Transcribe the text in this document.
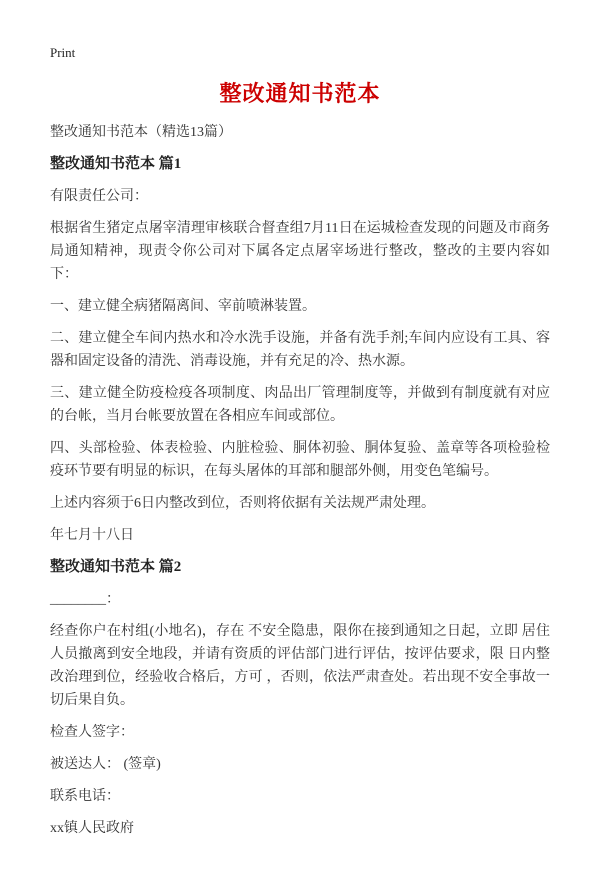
Print

整改通知书范本

整改通知书范本（精选13篇）

整改通知书范本 篇1

有限责任公司：

根据省生猪定点屠宰清理审核联合督查组7月11日在运城检查发现的问题及市商务局通知精神，现责令你公司对下属各定点屠宰场进行整改，整改的主要内容如下：

一、建立健全病猪隔离间、宰前喷淋装置。

二、建立健全车间内热水和冷水洗手设施，并备有洗手剂;车间内应设有工具、容器和固定设备的清洗、消毒设施，并有充足的冷、热水源。

三、建立健全防疫检疫各项制度、肉品出厂管理制度等，并做到有制度就有对应的台帐，当月台帐要放置在各相应车间或部位。

四、头部检验、体表检验、内脏检验、胴体初验、胴体复验、盖章等各项检验检疫环节要有明显的标识，在每头屠体的耳部和腿部外侧，用变色笔编号。

上述内容须于6日内整改到位，否则将依据有关法规严肃处理。

年七月十八日

整改通知书范本 篇2

________：

经查你户在村组(小地名)，存在 不安全隐患，限你在接到通知之日起，立即 居住人员撤离到安全地段，并请有资质的评估部门进行评估，按评估要求，限 日内整改治理到位，经验收合格后，方可 ，否则，依法严肃查处。若出现不安全事故一切后果自负。

检查人签字：

被送达人： (签章)

联系电话：

xx镇人民政府
